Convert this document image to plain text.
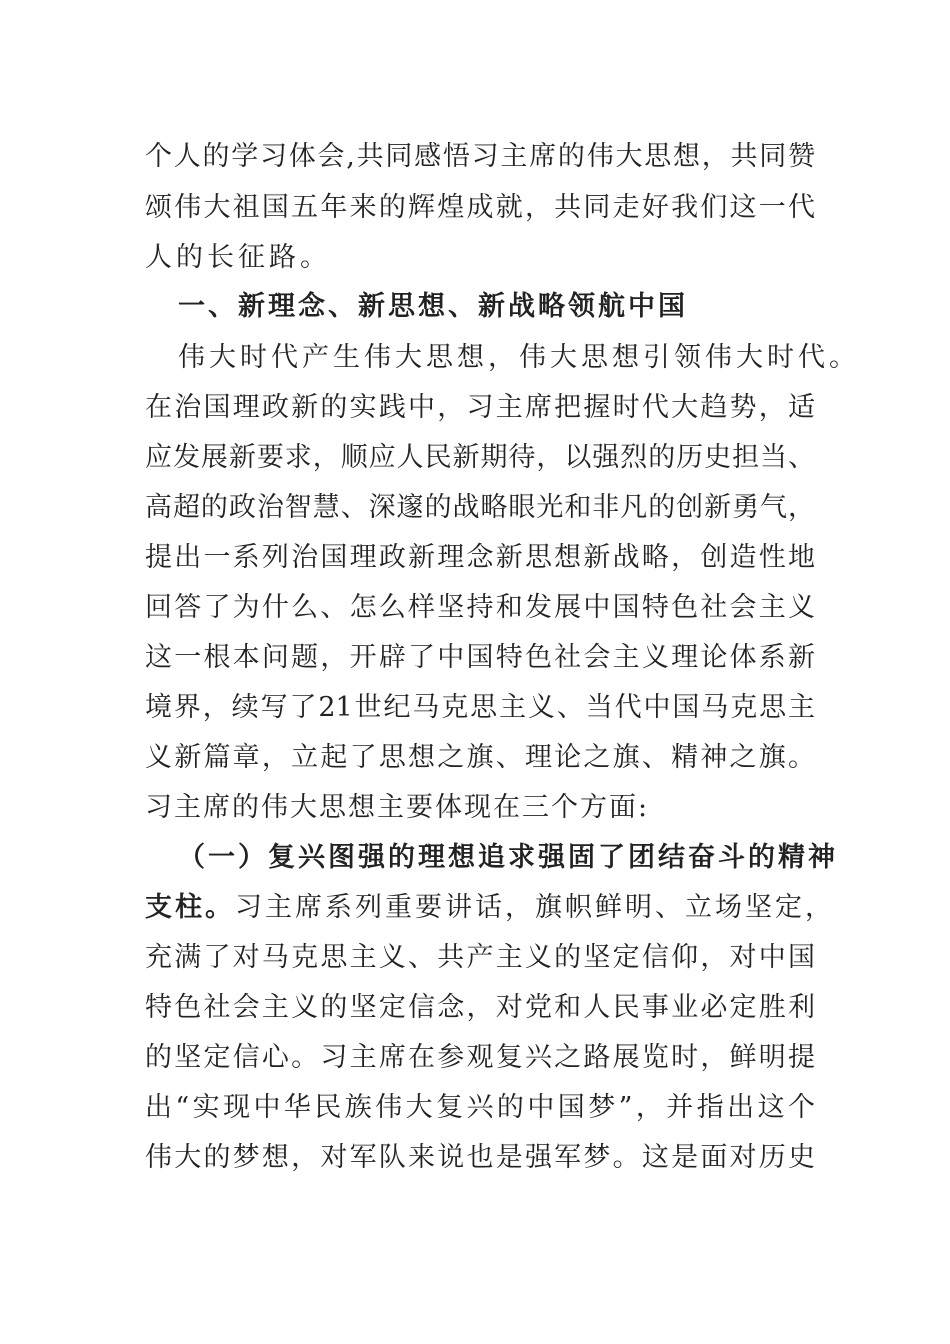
个人的学习体会,共同感悟习主席的伟大思想，共同赞
颂伟大祖国五年来的辉煌成就，共同走好我们这一代
人的长征路。
一、新理念、新思想、新战略领航中国
伟大时代产生伟大思想，伟大思想引领伟大时代。
在治国理政新的实践中，习主席把握时代大趋势，适
应发展新要求，顺应人民新期待，以强烈的历史担当、
高超的政治智慧、深邃的战略眼光和非凡的创新勇气，
提出一系列治国理政新理念新思想新战略，创造性地
回答了为什么、怎么样坚持和发展中国特色社会主义
这一根本问题，开辟了中国特色社会主义理论体系新
境界，续写了21世纪马克思主义、当代中国马克思主
义新篇章，立起了思想之旗、理论之旗、精神之旗。
习主席的伟大思想主要体现在三个方面:
（一）复兴图强的理想追求强固了团结奋斗的精神
支柱。习主席系列重要讲话，旗帜鲜明、立场坚定，
充满了对马克思主义、共产主义的坚定信仰，对中国
特色社会主义的坚定信念，对党和人民事业必定胜利
的坚定信心。习主席在参观复兴之路展览时，鲜明提
出“实现中华民族伟大复兴的中国梦”，并指出这个
伟大的梦想，对军队来说也是强军梦。这是面对历史
